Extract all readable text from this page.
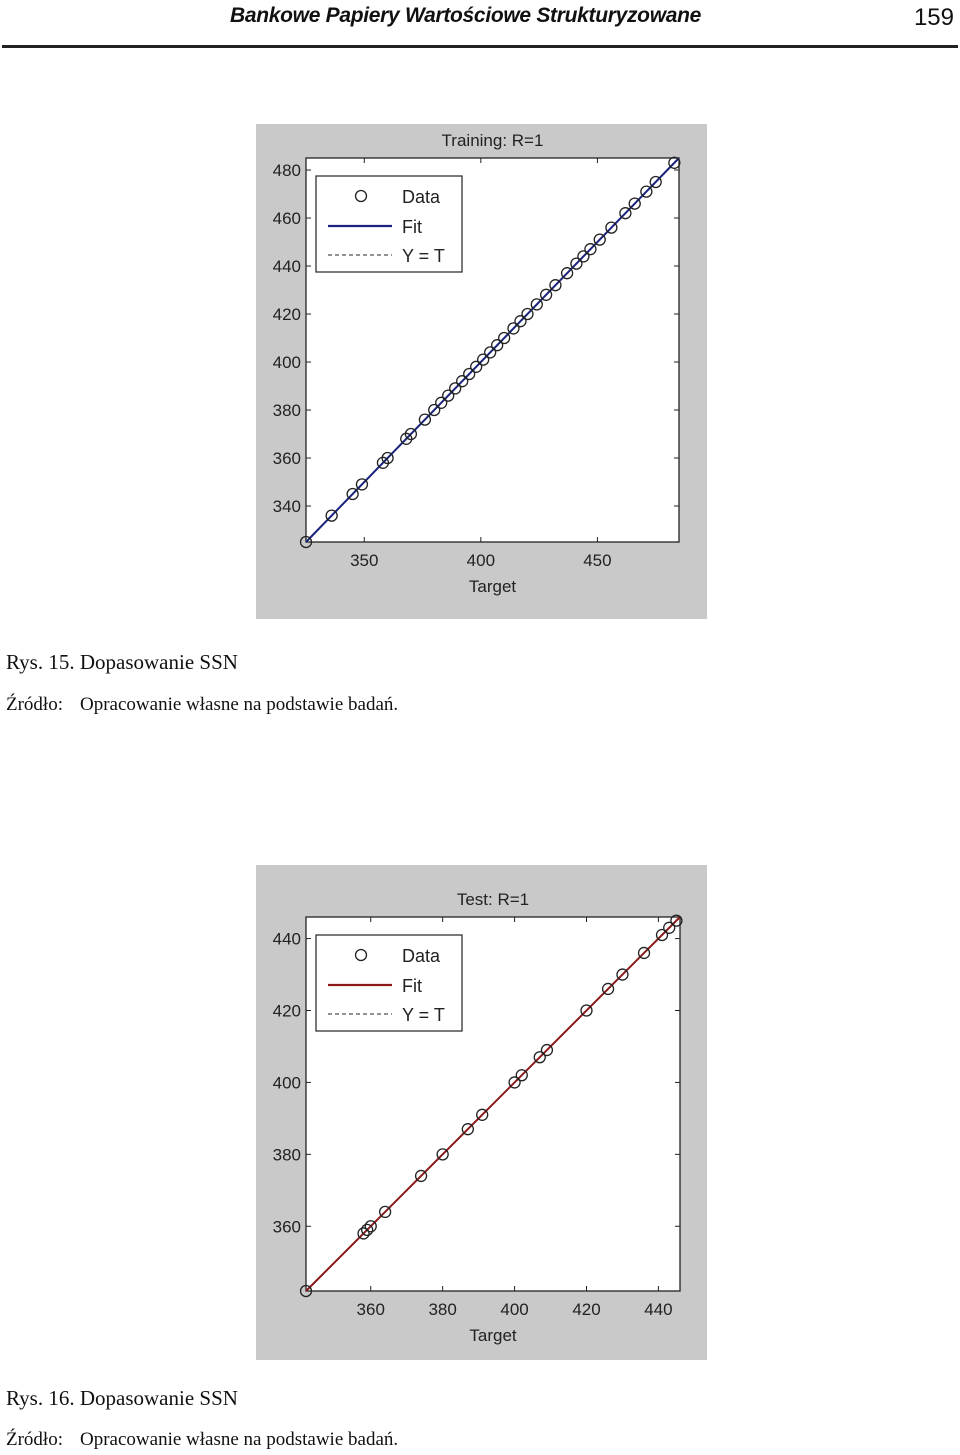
Bankowe Papiery Wartościowe Strukturyzowane	159
Training: R=1
350	400	450
340
360
380
400
420
440
460
480
Target
Data
Fit
Y = T
Rys. 15. Dopasowanie SSN
Źródło: Opracowanie własne na podstawie badań.
Test: R=1
360	380	400	420	440
360
380
400
420
440
Target
Data
Fit
Y = T
Rys. 16. Dopasowanie SSN
Źródło: Opracowanie własne na podstawie badań.
